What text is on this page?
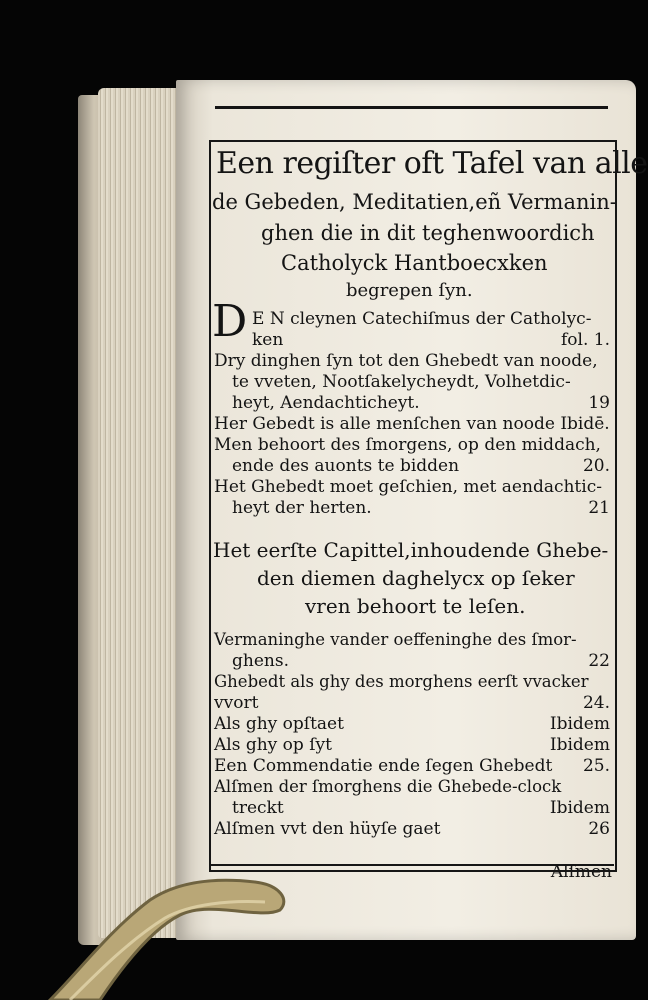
Een regiſter oft Tafel van alle
de Gebeden, Meditatien,eñ Vermanin-
ghen die in dit teghenwoordich
Catholyck Hantboecxken
begrepen ſyn.
D E N cleynen Catechiſmus der Catholyc-
ken	fol. 1.
Dry dinghen ſyn tot den Ghebedt van noode,
te vveten, Nootſakelycheydt, Volhetdic-
heyt, Aendachticheyt.	19
Her Gebedt is alle menſchen van noode Ibidē.
Men behoort des ſmorgens, op den middach,
ende des auonts te bidden	20.
Het Ghebedt moet geſchien, met aendachtic-
heyt der herten.	21
Het eerſte Capittel,inhoudende Ghebe-
den diemen daghelycx op ſeker
vren behoort te leſen.
Vermaninghe vander oeffeninghe des ſmor-
ghens.	22
Ghebedt als ghy des morghens eerſt vvacker
vvort	24.
Als ghy opſtaet	Ibidem
Als ghy op ſyt	Ibidem
Een Commendatie ende ſegen Ghebedt	25.
Alſmen der ſmorghens die Ghebede-clock
treckt	Ibidem
Alſmen vvt den hüyſe gaet	26
Alſmen
